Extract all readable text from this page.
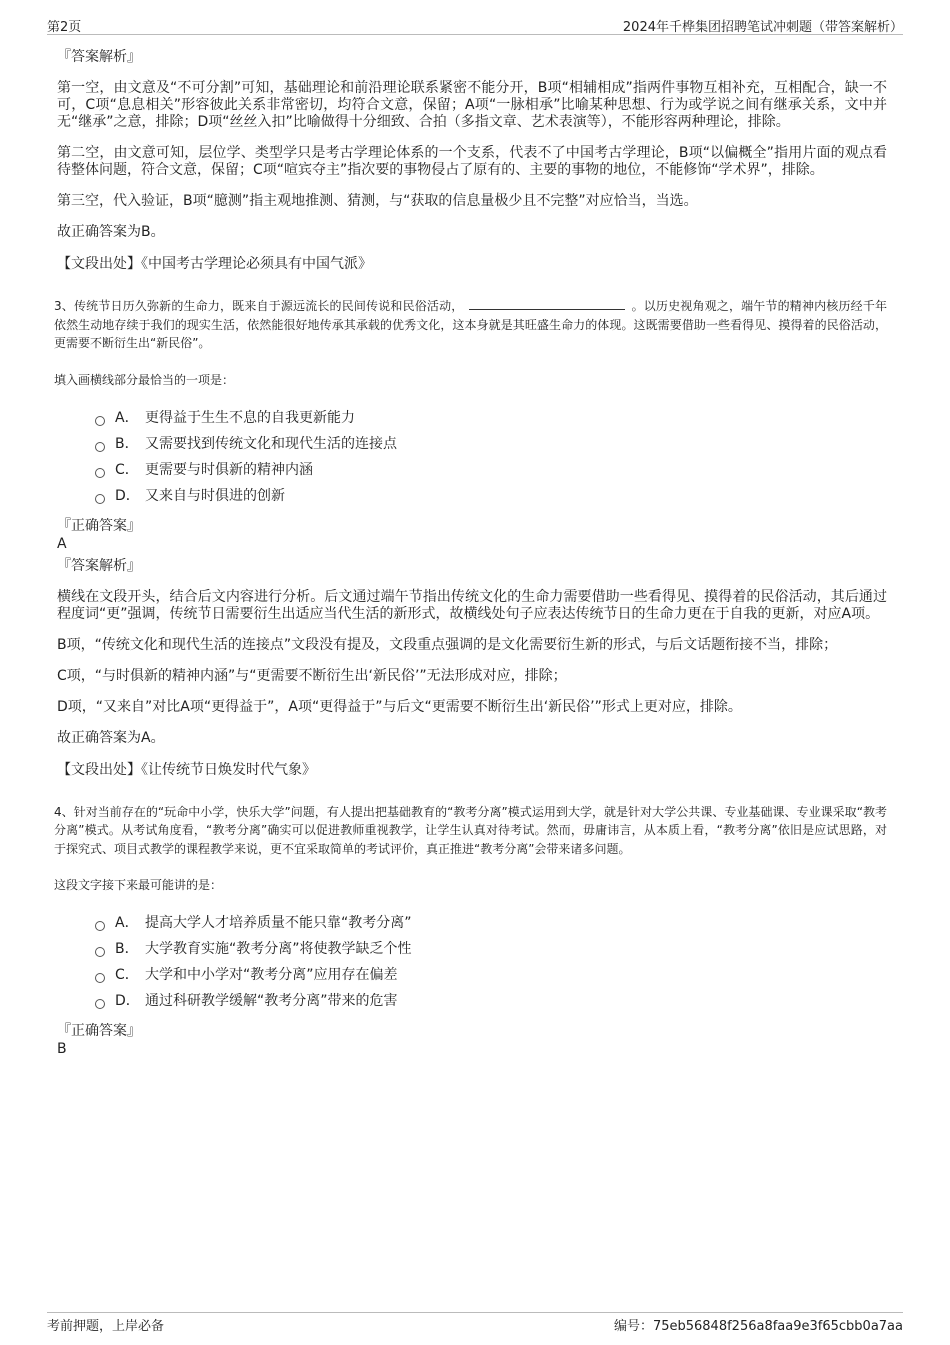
第2页	2024年千桦集团招聘笔试冲刺题（带答案解析）

『答案解析』

第一空，由文意及“不可分割”可知，基础理论和前沿理论联系紧密不能分开，B项“相辅相成”指两件事物互相补充，互相配合，缺一不可，C项“息息相关”形容彼此关系非常密切，均符合文意，保留；A项“一脉相承”比喻某种思想、行为或学说之间有继承关系，文中并无“继承”之意，排除；D项“丝丝入扣”比喻做得十分细致、合拍（多指文章、艺术表演等），不能形容两种理论，排除。

第二空，由文意可知，层位学、类型学只是考古学理论体系的一个支系，代表不了中国考古学理论，B项“以偏概全”指用片面的观点看待整体问题，符合文意，保留；C项“喧宾夺主”指次要的事物侵占了原有的、主要的事物的地位，不能修饰“学术界”，排除。

第三空，代入验证，B项“臆测”指主观地推测、猜测，与“获取的信息量极少且不完整”对应恰当，当选。

故正确答案为B。

【文段出处】《中国考古学理论必须具有中国气派》

3、传统节日历久弥新的生命力，既来自于源远流长的民间传说和民俗活动，	。以历史视角观之，端午节的精神内核历经千年依然生动地存续于我们的现实生活，依然能很好地传承其承载的优秀文化，这本身就是其旺盛生命力的体现。这既需要借助一些看得见、摸得着的民俗活动，更需要不断衍生出“新民俗”。

填入画横线部分最恰当的一项是：

A． 更得益于生生不息的自我更新能力
B． 又需要找到传统文化和现代生活的连接点
C． 更需要与时俱新的精神内涵
D． 又来自与时俱进的创新

『正确答案』

A

『答案解析』

横线在文段开头，结合后文内容进行分析。后文通过端午节指出传统文化的生命力需要借助一些看得见、摸得着的民俗活动，其后通过程度词“更”强调，传统节日需要衍生出适应当代生活的新形式，故横线处句子应表达传统节日的生命力更在于自我的更新，对应A项。

B项，“传统文化和现代生活的连接点”文段没有提及，文段重点强调的是文化需要衍生新的形式，与后文话题衔接不当，排除；

C项，“与时俱新的精神内涵”与“更需要不断衍生出‘新民俗’”无法形成对应，排除；

D项，“又来自”对比A项“更得益于”，A项“更得益于”与后文“更需要不断衍生出‘新民俗’”形式上更对应，排除。

故正确答案为A。

【文段出处】《让传统节日焕发时代气象》

4、针对当前存在的“玩命中小学，快乐大学”问题，有人提出把基础教育的“教考分离”模式运用到大学，就是针对大学公共课、专业基础课、专业课采取“教考分离”模式。从考试角度看，“教考分离”确实可以促进教师重视教学，让学生认真对待考试。然而，毋庸讳言，从本质上看，“教考分离”依旧是应试思路，对于探究式、项目式教学的课程教学来说，更不宜采取简单的考试评价，真正推进“教考分离”会带来诸多问题。

这段文字接下来最可能讲的是：

A． 提高大学人才培养质量不能只靠“教考分离”
B． 大学教育实施“教考分离”将使教学缺乏个性
C． 大学和中小学对“教考分离”应用存在偏差
D． 通过科研教学缓解“教考分离”带来的危害

『正确答案』

B

考前押题，上岸必备	编号：75eb56848f256a8faa9e3f65cbb0a7aa
